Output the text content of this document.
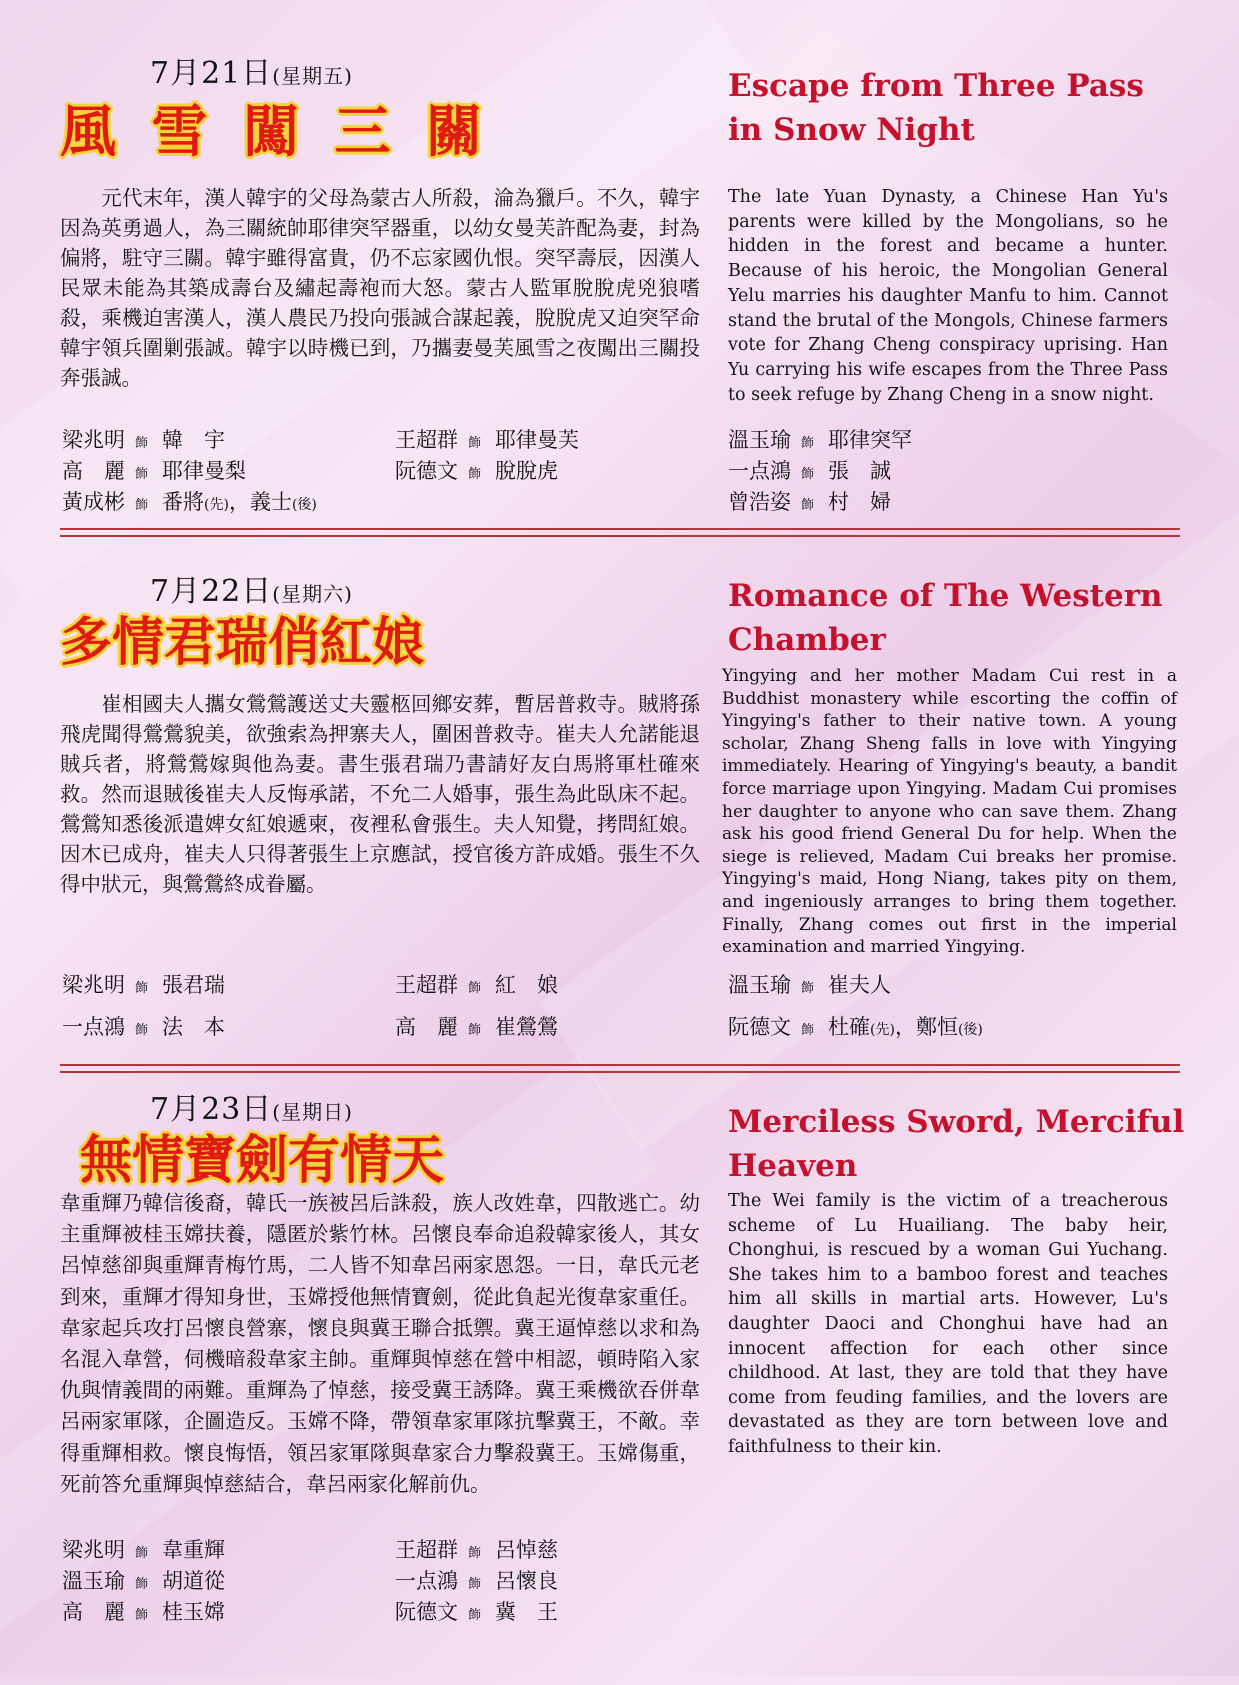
7月21日(星期五)
風 雪 闖 三 關
Escape from Three Pass in Snow Night
　　元代末年，漢人韓宇的父母為蒙古人所殺，淪為獵戶。不久，韓宇因為英勇過人，為三關統帥耶律突罕器重，以幼女曼芙許配為妻，封為偏將，駐守三關。韓宇雖得富貴，仍不忘家國仇恨。突罕壽辰，因漢人民眾未能為其築成壽台及繡起壽袍而大怒。蒙古人監軍脫脫虎兇狼嗜殺，乘機迫害漢人，漢人農民乃投向張誠合謀起義，脫脫虎又迫突罕命韓宇領兵圍剿張誠。韓宇以時機已到，乃攜妻曼芙風雪之夜闖出三關投奔張誠。
The late Yuan Dynasty, a Chinese Han Yu's parents were killed by the Mongolians, so he hidden in the forest and became a hunter. Because of his heroic, the Mongolian General Yelu marries his daughter Manfu to him. Cannot stand the brutal of the Mongols, Chinese farmers vote for Zhang Cheng conspiracy uprising. Han Yu carrying his wife escapes from the Three Pass to seek refuge by Zhang Cheng in a snow night.
梁兆明 飾 韓　宇
高　麗 飾 耶律曼梨
黃成彬 飾 番將(先)，義士(後)
王超群 飾 耶律曼芙
阮德文 飾 脫脫虎
溫玉瑜 飾 耶律突罕
一点鴻 飾 張　誠
曾浩姿 飾 村　婦
7月22日(星期六)
多情君瑞俏紅娘
Romance of The Western Chamber
　　崔相國夫人攜女鶯鶯護送丈夫靈柩回鄉安葬，暫居普救寺。賊將孫飛虎聞得鶯鶯貌美，欲強索為押寨夫人，圍困普救寺。崔夫人允諾能退賊兵者，將鶯鶯嫁與他為妻。書生張君瑞乃書請好友白馬將軍杜確來救。然而退賊後崔夫人反悔承諾，不允二人婚事，張生為此臥床不起。鶯鶯知悉後派遣婢女紅娘遞柬，夜裡私會張生。夫人知覺，拷問紅娘。因木已成舟，崔夫人只得著張生上京應試，授官後方許成婚。張生不久得中狀元，與鶯鶯終成眷屬。
Yingying and her mother Madam Cui rest in a Buddhist monastery while escorting the coffin of Yingying's father to their native town. A young scholar, Zhang Sheng falls in love with Yingying immediately. Hearing of Yingying's beauty, a bandit force marriage upon Yingying. Madam Cui promises her daughter to anyone who can save them. Zhang ask his good friend General Du for help. When the siege is relieved, Madam Cui breaks her promise. Yingying's maid, Hong Niang, takes pity on them, and ingeniously arranges to bring them together. Finally, Zhang comes out first in the imperial examination and married Yingying.
梁兆明 飾 張君瑞
一点鴻 飾 法　本
王超群 飾 紅　娘
高　麗 飾 崔鶯鶯
溫玉瑜 飾 崔夫人
阮德文 飾 杜確(先)，鄭恒(後)
7月23日(星期日)
無情寶劍有情天
Merciless Sword, Merciful Heaven
韋重輝乃韓信後裔，韓氏一族被呂后誅殺，族人改姓韋，四散逃亡。幼主重輝被桂玉嫦扶養，隱匿於紫竹林。呂懷良奉命追殺韓家後人，其女呂悼慈卻與重輝青梅竹馬，二人皆不知韋呂兩家恩怨。一日，韋氏元老到來，重輝才得知身世，玉嫦授他無情寶劍，從此負起光復韋家重任。韋家起兵攻打呂懷良營寨，懷良與冀王聯合抵禦。冀王逼悼慈以求和為名混入韋營，伺機暗殺韋家主帥。重輝與悼慈在營中相認，頓時陷入家仇與情義間的兩難。重輝為了悼慈，接受冀王誘降。冀王乘機欲吞併韋呂兩家軍隊，企圖造反。玉嫦不降，帶領韋家軍隊抗擊冀王，不敵。幸得重輝相救。懷良悔悟，領呂家軍隊與韋家合力擊殺冀王。玉嫦傷重，死前答允重輝與悼慈結合，韋呂兩家化解前仇。
The Wei family is the victim of a treacherous scheme of Lu Huailiang. The baby heir, Chonghui, is rescued by a woman Gui Yuchang. She takes him to a bamboo forest and teaches him all skills in martial arts. However, Lu's daughter Daoci and Chonghui have had an innocent affection for each other since childhood. At last, they are told that they have come from feuding families, and the lovers are devastated as they are torn between love and faithfulness to their kin.
梁兆明 飾 韋重輝
溫玉瑜 飾 胡道從
高　麗 飾 桂玉嫦
王超群 飾 呂悼慈
一点鴻 飾 呂懷良
阮德文 飾 冀　王
